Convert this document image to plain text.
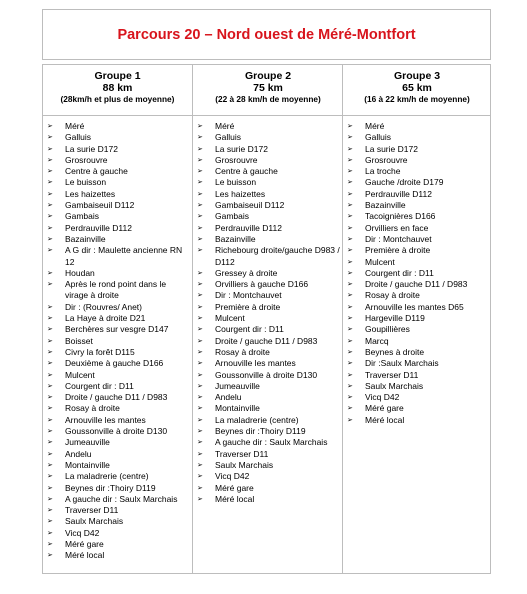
Parcours 20 – Nord ouest de Méré-Montfort
Groupe 1
88 km
(28km/h et plus de moyenne)
➢ Méré
➢ Galluis
➢ La surie D172
➢ Grosrouvre
➢ Centre à gauche
➢ Le buisson
➢ Les haizettes
➢ Gambaiseuil D112
➢ Gambais
➢ Perdrauville D112
➢ Bazainville
➢ A G dir : Maulette ancienne RN 12
➢ Houdan
➢ Après le rond point dans le virage à droite
➢ Dir : (Rouvres/ Anet)
➢ La Haye à droite D21
➢ Berchères sur vesgre D147
➢ Boisset
➢ Civry la forêt D115
➢ Deuxième à gauche D166
➢ Mulcent
➢ Courgent dir : D11
➢ Droite / gauche D11 / D983
➢ Rosay à droite
➢ Arnouville les mantes
➢ Goussonville à droite D130
➢ Jumeauville
➢ Andelu
➢ Montainville
➢ La maladrerie (centre)
➢ Beynes dir :Thoiry D119
➢ A gauche dir : Saulx Marchais
➢ Traverser D11
➢ Saulx Marchais
➢ Vicq D42
➢ Méré gare
➢ Méré local
Groupe 2
75 km
(22 à 28 km/h de moyenne)
➢ Méré
➢ Galluis
➢ La surie D172
➢ Grosrouvre
➢ Centre à gauche
➢ Le buisson
➢ Les haizettes
➢ Gambaiseuil D112
➢ Gambais
➢ Perdrauville D112
➢ Bazainville
➢ Richebourg droite/gauche D983 / D112
➢ Gressey à droite
➢ Orvilliers à gauche D166
➢ Dir : Montchauvet
➢ Première à droite
➢ Mulcent
➢ Courgent dir : D11
➢ Droite / gauche D11 / D983
➢ Rosay à droite
➢ Arnouville les mantes
➢ Goussonville à droite D130
➢ Jumeauville
➢ Andelu
➢ Montainville
➢ La maladrerie (centre)
➢ Beynes dir :Thoiry D119
➢ A gauche dir : Saulx Marchais
➢ Traverser D11
➢ Saulx Marchais
➢ Vicq D42
➢ Méré gare
➢ Méré local
Groupe 3
65 km
(16 à 22 km/h de moyenne)
➢ Méré
➢ Galluis
➢ La surie D172
➢ Grosrouvre
➢ La troche
➢ Gauche /droite D179
➢ Perdrauville D112
➢ Bazainville
➢ Tacoignières D166
➢ Orvilliers en face
➢ Dir : Montchauvet
➢ Première à droite
➢ Mulcent
➢ Courgent dir : D11
➢ Droite / gauche D11 / D983
➢ Rosay à droite
➢ Arnouville les mantes D65
➢ Hargeville D119
➢ Goupillières
➢ Marcq
➢ Beynes à droite
➢ Dir :Saulx Marchais
➢ Traverser D11
➢ Saulx Marchais
➢ Vicq D42
➢ Méré gare
➢ Méré local
